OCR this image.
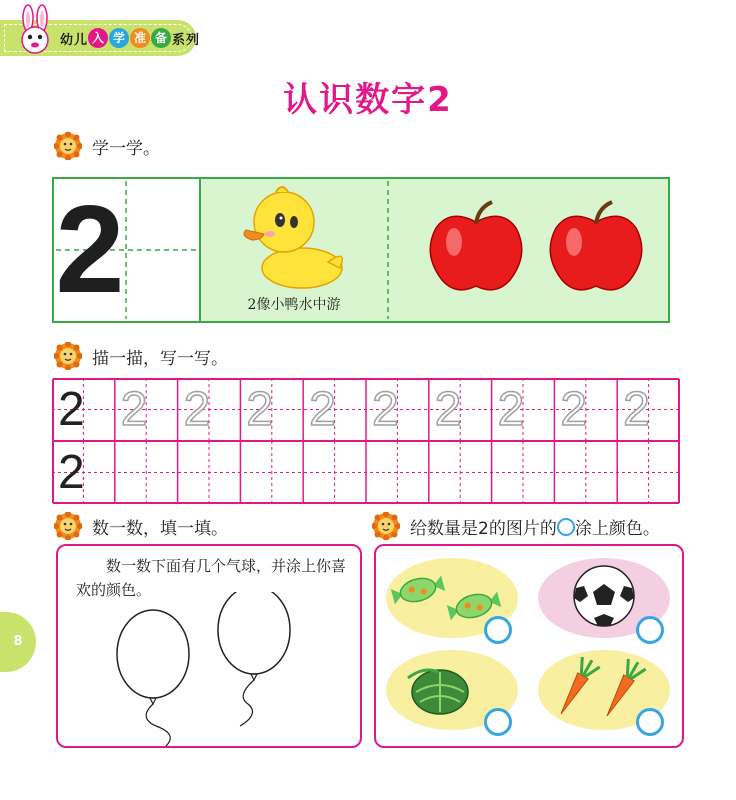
幼 儿 入 学 准 备 系 列
认识数字2
学一学。
2	2像小鸭水中游
描一描，写一写。
2 2 2 2 2 2 2 2 2 2
2
数一数，填一填。
数一数下面有几个气球，并涂上你喜欢的颜色。
给数量是2的图片的 涂上颜色。
8
